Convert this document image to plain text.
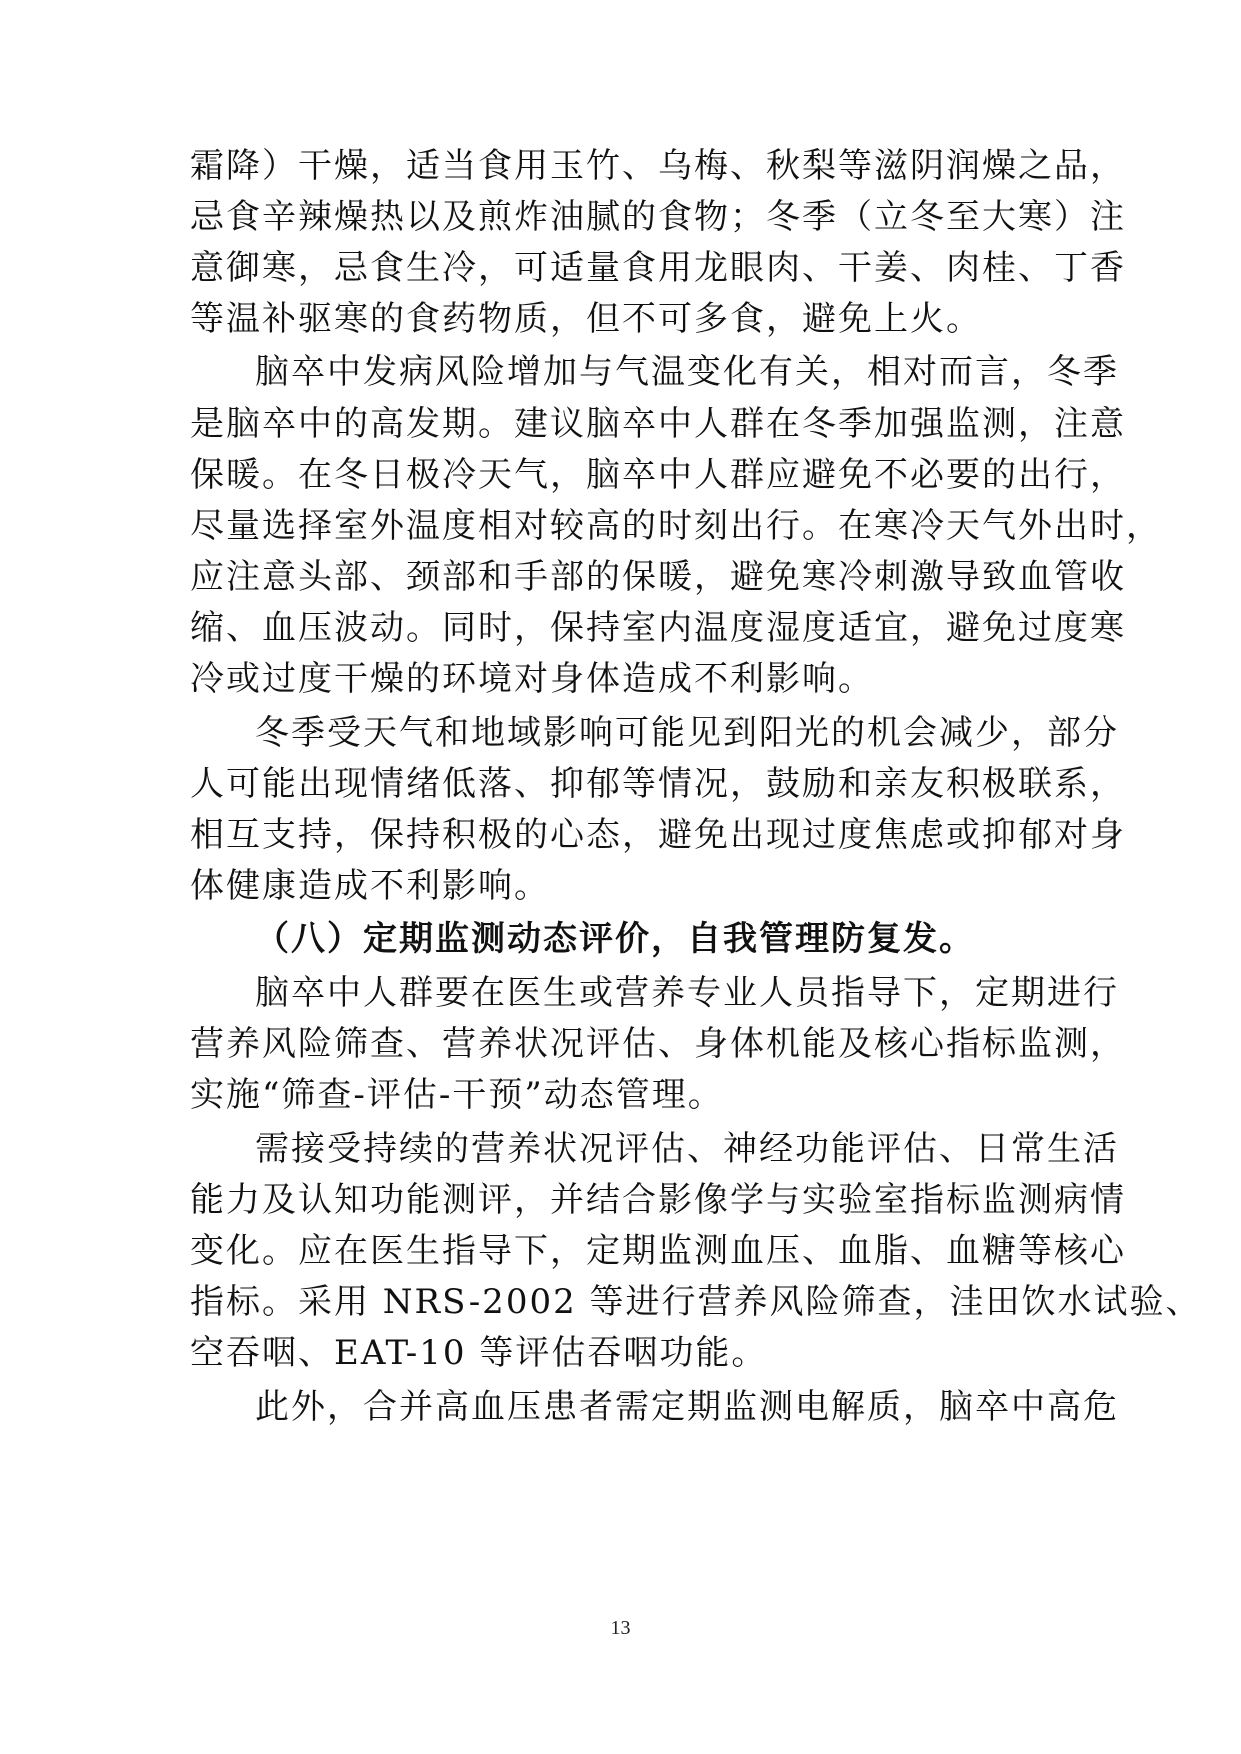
霜降）干燥，适当食用玉竹、乌梅、秋梨等滋阴润燥之品，
忌食辛辣燥热以及煎炸油腻的食物；冬季（立冬至大寒）注
意御寒，忌食生冷，可适量食用龙眼肉、干姜、肉桂、丁香
等温补驱寒的食药物质，但不可多食，避免上火。
脑卒中发病风险增加与气温变化有关，相对而言，冬季
是脑卒中的高发期。建议脑卒中人群在冬季加强监测，注意
保暖。在冬日极冷天气，脑卒中人群应避免不必要的出行，
尽量选择室外温度相对较高的时刻出行。在寒冷天气外出时，
应注意头部、颈部和手部的保暖，避免寒冷刺激导致血管收
缩、血压波动。同时，保持室内温度湿度适宜，避免过度寒
冷或过度干燥的环境对身体造成不利影响。
冬季受天气和地域影响可能见到阳光的机会减少，部分
人可能出现情绪低落、抑郁等情况，鼓励和亲友积极联系，
相互支持，保持积极的心态，避免出现过度焦虑或抑郁对身
体健康造成不利影响。
（八）定期监测动态评价，自我管理防复发。
脑卒中人群要在医生或营养专业人员指导下，定期进行
营养风险筛查、营养状况评估、身体机能及核心指标监测，
实施“筛查-评估-干预”动态管理。
需接受持续的营养状况评估、神经功能评估、日常生活
能力及认知功能测评，并结合影像学与实验室指标监测病情
变化。应在医生指导下，定期监测血压、血脂、血糖等核心
指标。采用 NRS-2002 等进行营养风险筛查，洼田饮水试验、
空吞咽、EAT-10 等评估吞咽功能。
此外，合并高血压患者需定期监测电解质，脑卒中高危
13
